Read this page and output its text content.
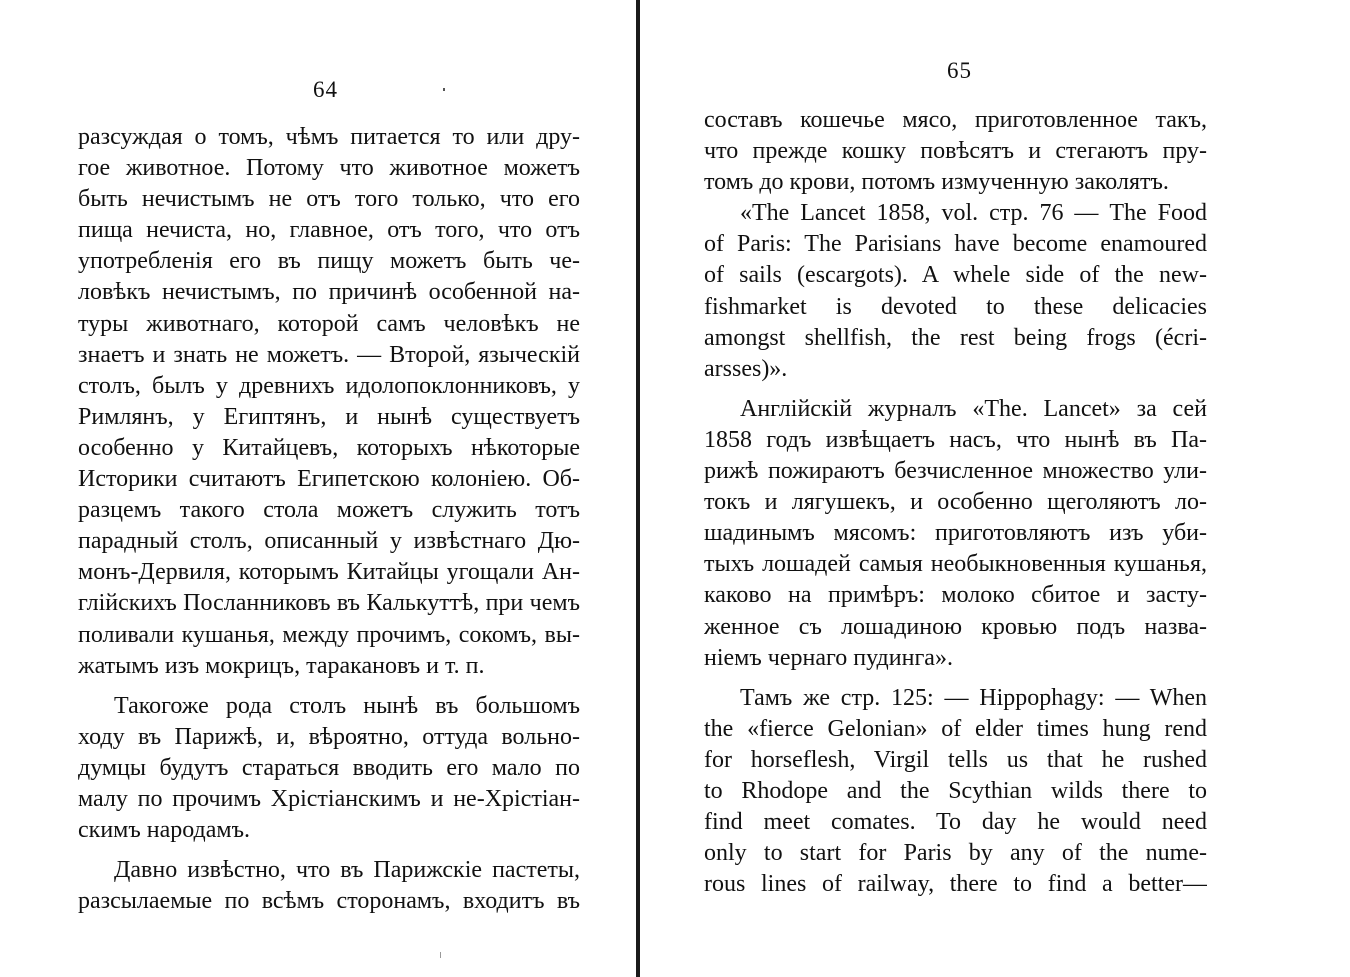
64
разсуждая о томъ, чѣмъ питается то или дру-
гое животное. Потому что животное можетъ
быть нечистымъ не отъ того только, что его
пища нечиста, но, главное, отъ того, что отъ
употребленія его въ пищу можетъ быть че-
ловѣкъ нечистымъ, по причинѣ особенной на-
туры животнаго, которой самъ человѣкъ не
знаетъ и знать не можетъ. — Второй, языческій
столъ, былъ у древнихъ идолопоклонниковъ, у
Римлянъ, у Египтянъ, и нынѣ существуетъ
особенно у Китайцевъ, которыхъ нѣкоторые
Историки считаютъ Египетскою колоніею. Об-
разцемъ такого стола можетъ служить тотъ
парадный столъ, описанный у извѣстнаго Дю-
монъ-Дервиля, которымъ Китайцы угощали Ан-
глійскихъ Посланниковъ въ Калькуттѣ, при чемъ
поливали кушанья, между прочимъ, сокомъ, вы-
жатымъ изъ мокрицъ, таракановъ и т. п.
Такогоже рода столъ нынѣ въ большомъ
ходу въ Парижѣ, и, вѣроятно, оттуда вольно-
думцы будутъ стараться вводить его мало по
малу по прочимъ Хрістіанскимъ и не-Хрістіан-
скимъ народамъ.
Давно извѣстно, что въ Парижскіе пастеты,
разсылаемые по всѣмъ сторонамъ, входитъ въ
65
составъ кошечье мясо, приготовленное такъ,
что прежде кошку повѣсятъ и стегаютъ пру-
томъ до крови, потомъ измученную заколятъ.
«The Lancet 1858, vol. стр. 76 — The Food
of Paris: The Parisians have become enamoured
of sails (escargots). A whele side of the new-
fishmarket is devoted to these delicacies
amongst shellfish, the rest being frogs (écri-
arsses)».
Англійскій журналъ «The. Lancet» за сей
1858 годъ извѣщаетъ насъ, что нынѣ въ Па-
рижѣ пожираютъ безчисленное множество ули-
токъ и лягушекъ, и особенно щеголяютъ ло-
шадинымъ мясомъ: приготовляютъ изъ уби-
тыхъ лошадей самыя необыкновенныя кушанья,
каково на примѣръ: молоко сбитое и засту-
женное съ лошадиною кровью подъ назва-
ніемъ чернаго пудинга».
Тамъ же стр. 125: — Hippophagy: — When
the «fierce Gelonian» of elder times hung rend
for horseflesh, Virgil tells us that he rushed
to Rhodope and the Scythian wilds there to
find meet comates. To day he would need
only to start for Paris by any of the nume-
rous lines of railway, there to find a better—
